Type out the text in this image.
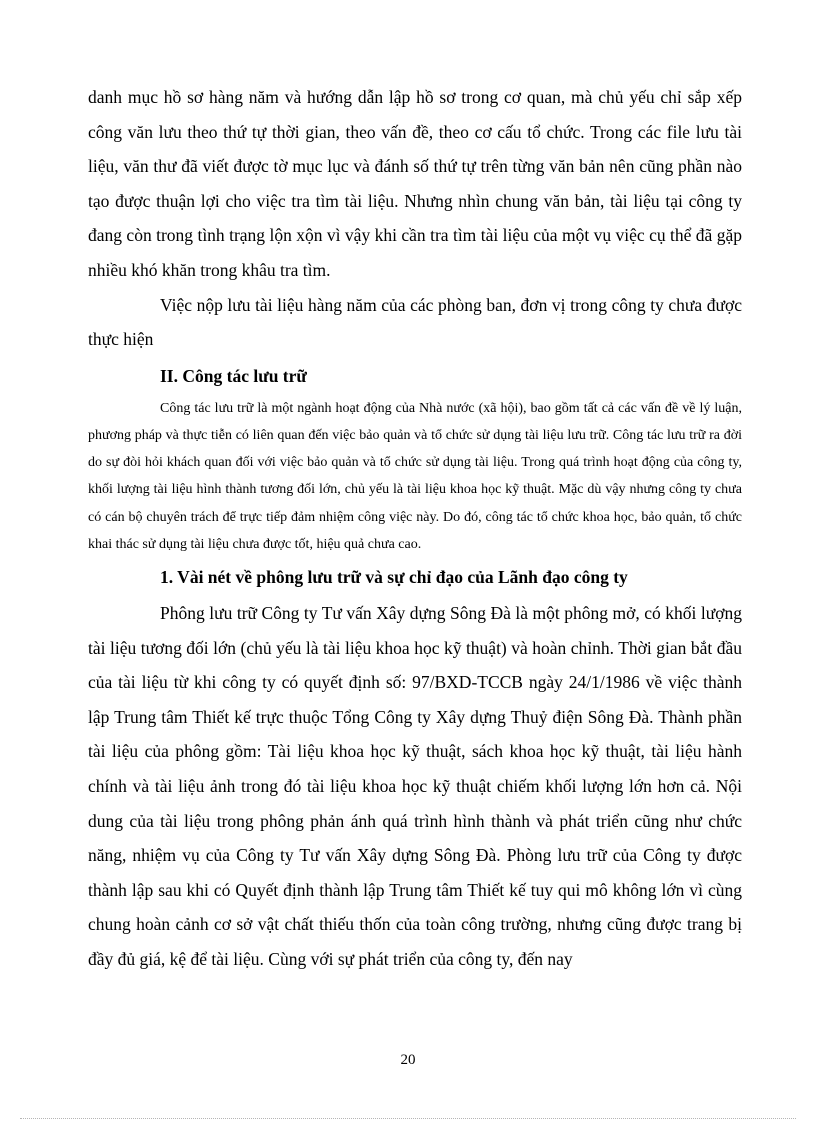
danh mục hồ sơ hàng năm và hướng dẫn lập hồ sơ trong cơ quan, mà chủ yếu chỉ sắp xếp công văn lưu theo thứ tự thời gian, theo vấn đề, theo cơ cấu tổ chức. Trong các file lưu tài liệu, văn thư đã viết được tờ mục lục và đánh số thứ tự trên từng văn bản nên cũng phần nào tạo được thuận lợi cho việc tra tìm tài liệu. Nhưng nhìn chung văn bản, tài liệu tại công ty đang còn trong tình trạng lộn xộn vì vậy khi cần tra tìm tài liệu của một vụ việc cụ thể đã gặp nhiều khó khăn trong khâu tra tìm.

Việc nộp lưu tài liệu hàng năm của các phòng ban, đơn vị trong công ty chưa được thực hiện

II. Công tác lưu trữ

Công tác lưu trữ là một ngành hoạt động của Nhà nước (xã hội), bao gồm tất cả các vấn đề về lý luận, phương pháp và thực tiễn có liên quan đến việc bảo quản và tổ chức sử dụng tài liệu lưu trữ. Công tác lưu trữ ra đời do sự đòi hỏi khách quan đối với việc bảo quản và tổ chức sử dụng tài liệu. Trong quá trình hoạt động của công ty, khối lượng tài liệu hình thành tương đối lớn, chủ yếu là tài liệu khoa học kỹ thuật. Mặc dù vậy nhưng công ty chưa có cán bộ chuyên trách để trực tiếp đảm nhiệm công việc này. Do đó, công tác tổ chức khoa học, bảo quản, tổ chức khai thác sử dụng tài liệu chưa được tốt, hiệu quả chưa cao.

1. Vài nét về phông lưu trữ và sự chỉ đạo của Lãnh đạo công ty

Phông lưu trữ Công ty Tư vấn Xây dựng Sông Đà là một phông mở, có khối lượng tài liệu tương đối lớn (chủ yếu là tài liệu khoa học kỹ thuật) và hoàn chỉnh. Thời gian bắt đầu của tài liệu từ khi công ty có quyết định số: 97/BXD-TCCB ngày 24/1/1986 về việc thành lập Trung tâm Thiết kế trực thuộc Tổng Công ty Xây dựng Thuỷ điện Sông Đà. Thành phần tài liệu của phông gồm: Tài liệu khoa học kỹ thuật, sách khoa học kỹ thuật, tài liệu hành chính và tài liệu ảnh trong đó tài liệu khoa học kỹ thuật chiếm khối lượng lớn hơn cả. Nội dung của tài liệu trong phông phản ánh quá trình hình thành và phát triển cũng như chức năng, nhiệm vụ của Công ty Tư vấn Xây dựng Sông Đà. Phòng lưu trữ của Công ty được thành lập sau khi có Quyết định thành lập Trung tâm Thiết kế tuy qui mô không lớn vì cùng chung hoàn cảnh cơ sở vật chất thiếu thốn của toàn công trường, nhưng cũng được trang bị đầy đủ giá, kệ để tài liệu. Cùng với sự phát triển của công ty, đến nay

20
